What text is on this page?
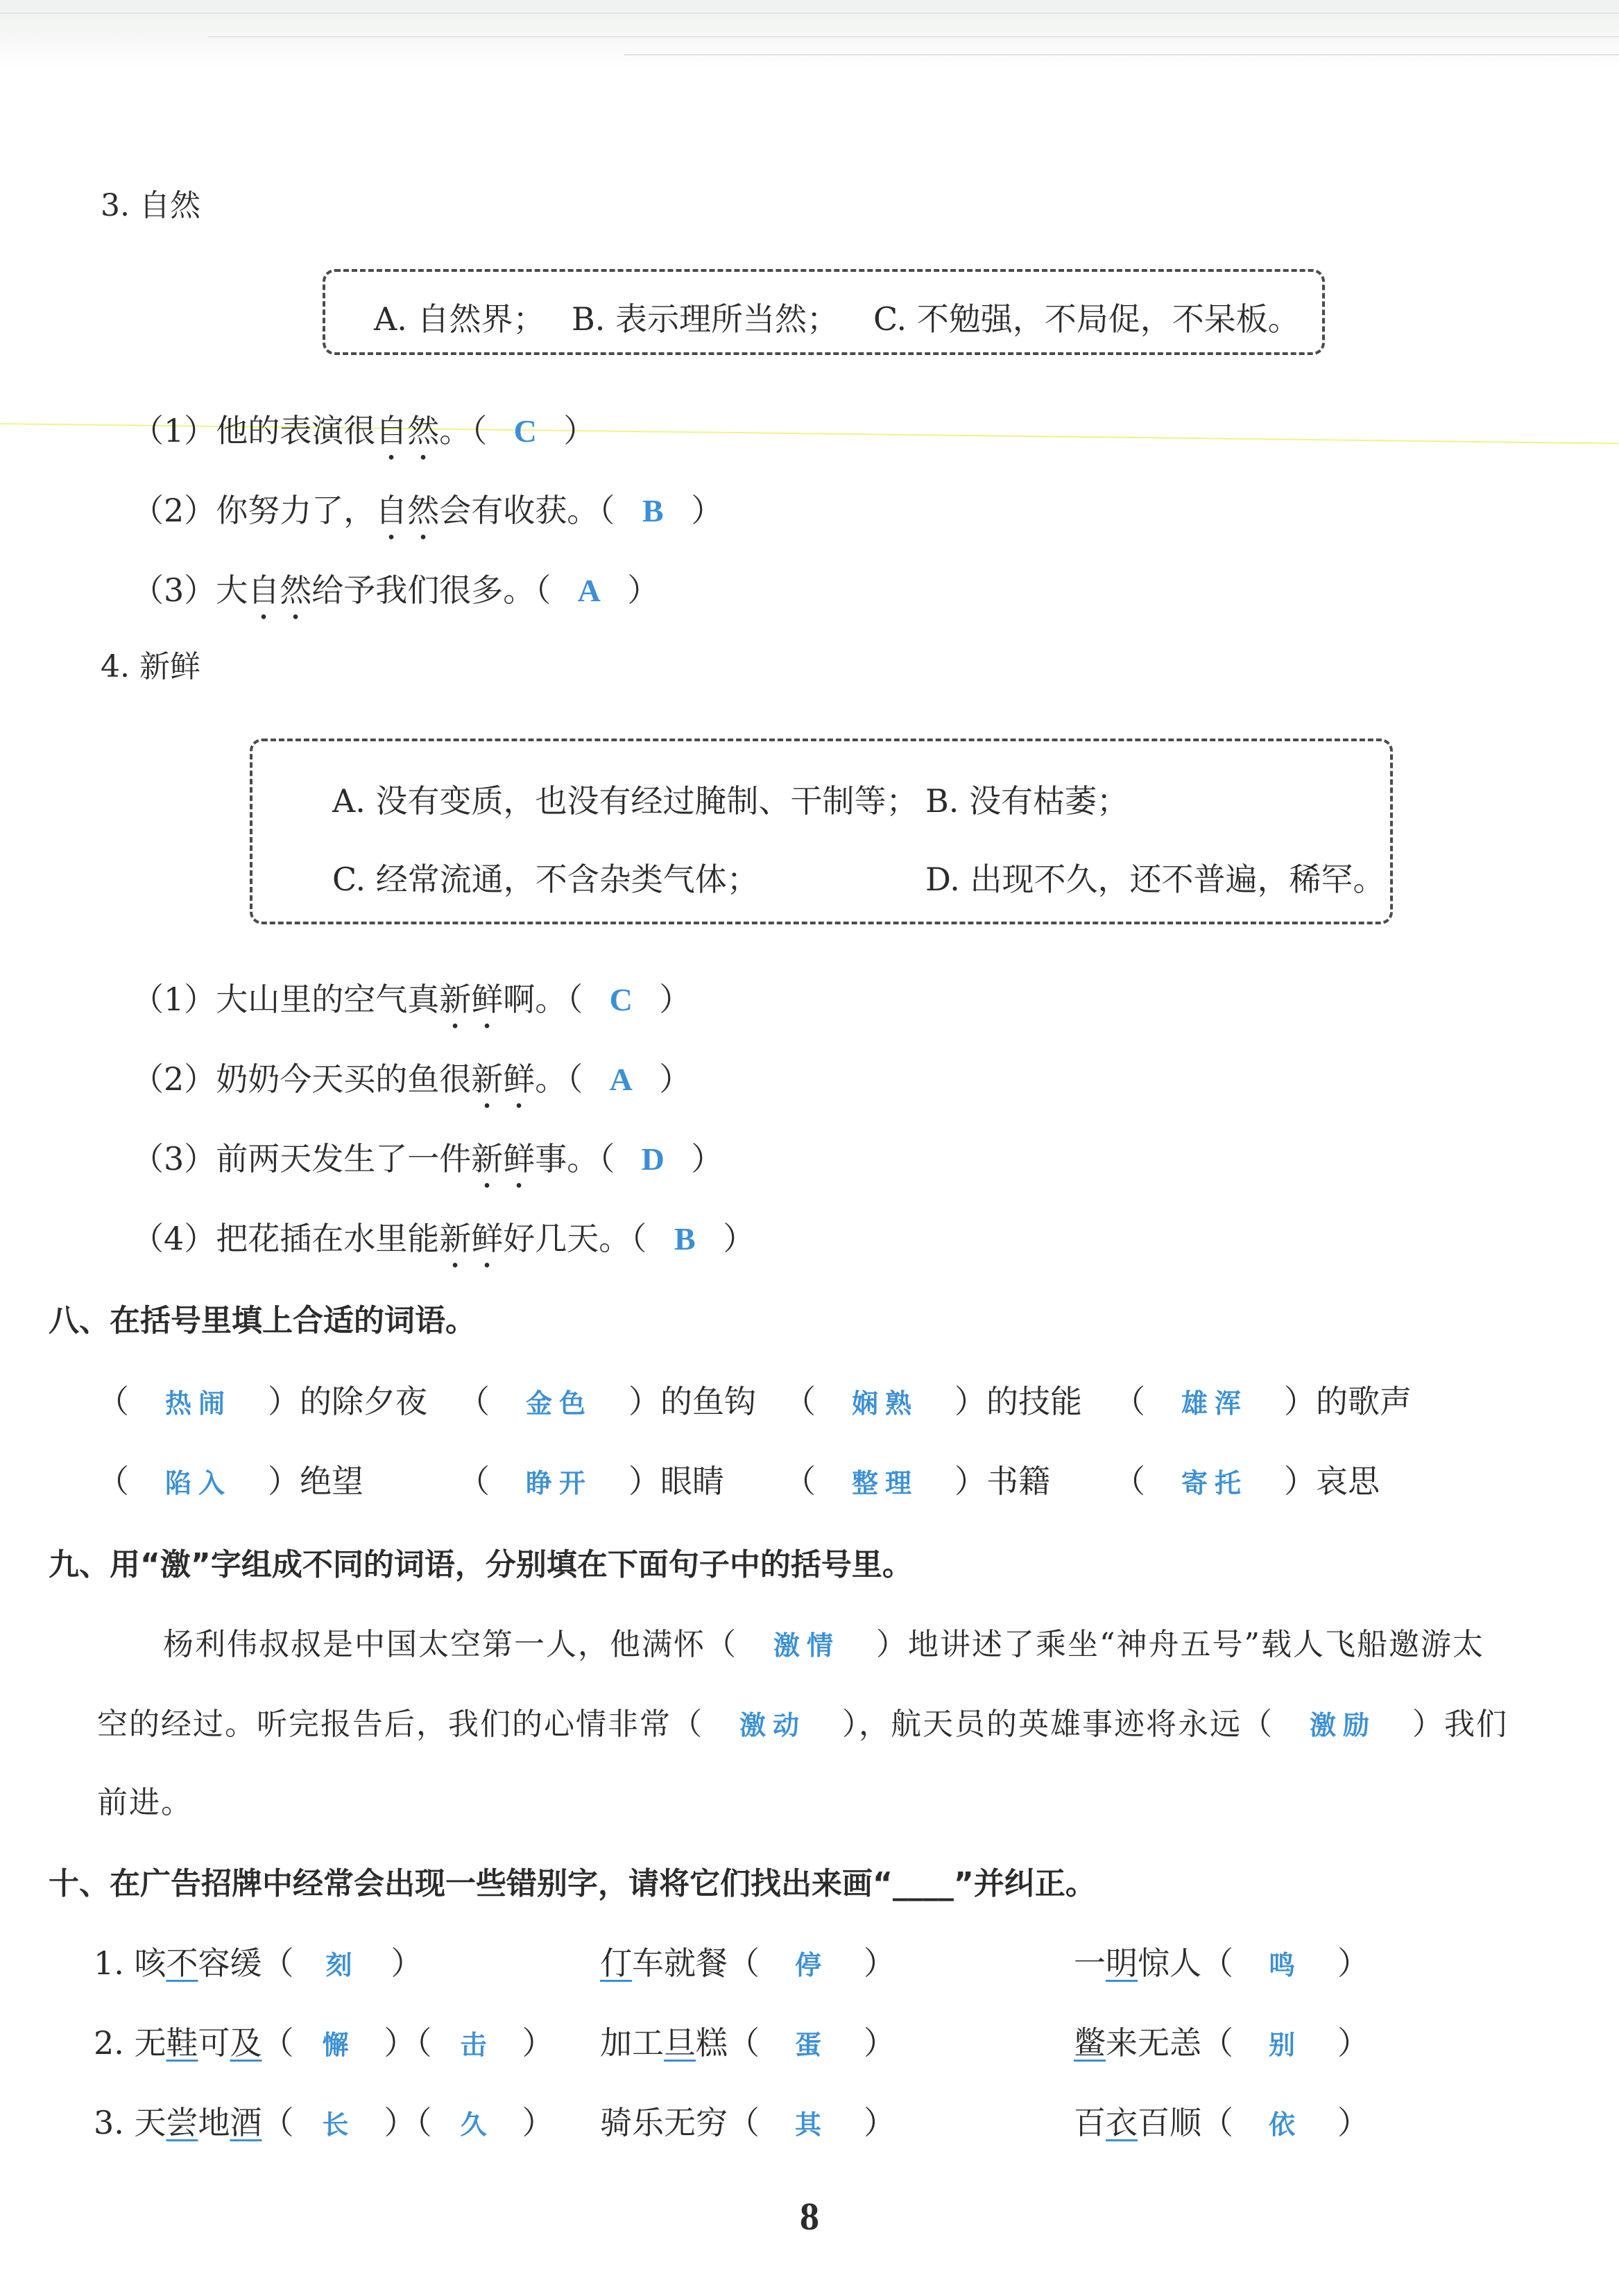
3. 自然
A. 自然界； B. 表示理所当然； C. 不勉强，不局促，不呆板。
（1）他的表演很自然。（ C ）
（2）你努力了，自然会有收获。（ B ）
（3）大自然给予我们很多。（ A ）
4. 新鲜
A. 没有变质，也没有经过腌制、干制等； B. 没有枯萎；
C. 经常流通，不含杂类气体；	D. 出现不久，还不普遍，稀罕。
（1）大山里的空气真新鲜啊。（ C ）
（2）奶奶今天买的鱼很新鲜。（ A ）
（3）前两天发生了一件新鲜事。（ D ）
（4）把花插在水里能新鲜好几天。（ B ）
八、在括号里填上合适的词语。
（ 热闹 ）的除夕夜 （ 金色 ）的鱼钩 （ 娴熟 ）的技能 （ 雄浑 ）的歌声
（ 陷入 ）绝望	（ 睁开 ）眼睛 （ 整理 ）书籍 （ 寄托 ）哀思
九、用“激”字组成不同的词语，分别填在下面句子中的括号里。
杨利伟叔叔是中国太空第一人，他满怀（ 激情 ）地讲述了乘坐“神舟五号”载人飞船邀游太
空的经过。听完报告后，我们的心情非常（ 激动 ），航天员的英雄事迹将永远（ 激励 ）我们
前进。
十、在广告招牌中经常会出现一些错别字，请将它们找出来画“____”并纠正。
1. 咳不容缓（ 刻 ）
2. 无鞋可及（ 懈 ）（ 击 ）
3. 天尝地酒（ 长 ）（ 久 ）
仃车就餐（ 停 ）
加工旦糕（ 蛋 ）
骑乐无穷（ 其 ）
一明惊人（ 鸣 ）
鳖来无恙（ 别 ）
百衣百顺（ 依 ）
8
